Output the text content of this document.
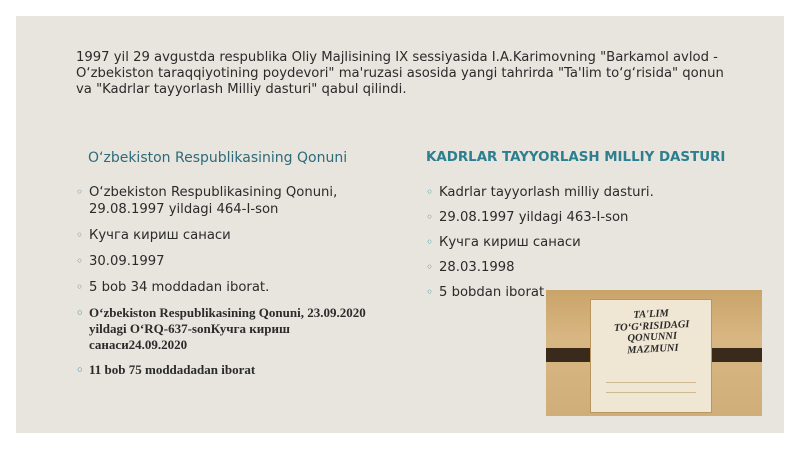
1997 yil 29 avgustda respublika Oliy Majlisining IX sessiyasida I.A.Karimovning "Barkamol avlod - O‘zbekiston taraqqiyotining poydevori" ma'ruzasi asosida yangi tahrirda "Ta'lim to‘g‘risida" qonun va "Kadrlar tayyorlash Milliy dasturi" qabul qilindi.

O‘zbekiston Respublikasining Qonuni	KADRLAR TAYYORLASH MILLIY DASTURI
◦ O‘zbekiston Respublikasining Qonuni, 29.08.1997 yildagi 464-I-son
◦ Кучга кириш санаси
◦ 30.09.1997
◦ 5 bob 34 moddadan iborat.
◦ O‘zbekiston Respublikasining Qonuni, 23.09.2020 yildagi O‘RQ-637-sonКучга кириш санаси24.09.2020
◦ 11 bob 75 moddadadan iborat
◦ Kadrlar tayyorlash milliy dasturi.
◦ 29.08.1997 yildagi 463-I-son
◦ Кучга кириш санаси
◦ 28.03.1998
◦ 5 bobdan iborat
TA'LIM
TO‘G‘RISIDAGI
QONUNNI
MAZMUNI
